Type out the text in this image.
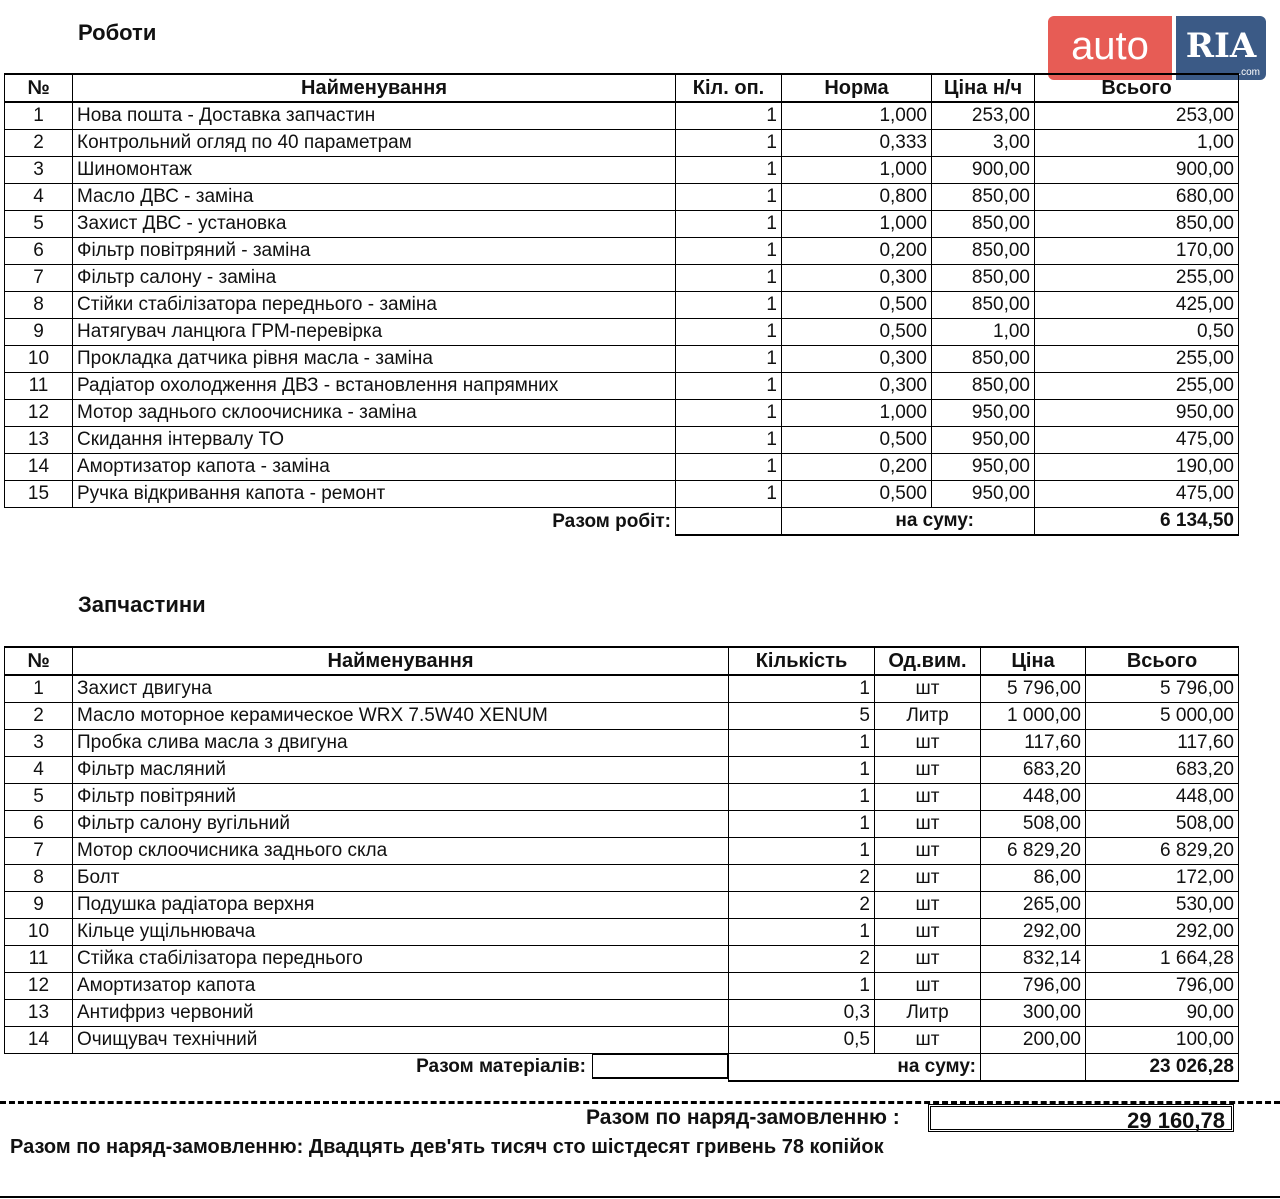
auto	RIA
.com
Роботи
№	Найменування	Кіл. оп.	Норма	Ціна н/ч	Всього
1	Нова пошта - Доставка запчастин	1	1,000	253,00	253,00
2	Контрольний огляд по 40 параметрам	1	0,333	3,00	1,00
3	Шиномонтаж	1	1,000	900,00	900,00
4	Масло ДВС - заміна	1	0,800	850,00	680,00
5	Захист ДВС - установка	1	1,000	850,00	850,00
6	Фільтр повітряний - заміна	1	0,200	850,00	170,00
7	Фільтр салону - заміна	1	0,300	850,00	255,00
8	Стійки стабілізатора переднього - заміна	1	0,500	850,00	425,00
9	Натягувач ланцюга ГРМ-перевірка	1	0,500	1,00	0,50
10	Прокладка датчика рівня масла - заміна	1	0,300	850,00	255,00
11	Радіатор охолодження ДВЗ - встановлення напрямних	1	0,300	850,00	255,00
12	Мотор заднього склоочисника - заміна	1	1,000	950,00	950,00
13	Скидання інтервалу ТО	1	0,500	950,00	475,00
14	Амортизатор капота - заміна	1	0,200	950,00	190,00
15	Ручка відкривання капота - ремонт	1	0,500	950,00	475,00
Разом робіт:			на суму:		6 134,50
Запчастини
№	Найменування	Кількість	Од.вим.	Ціна	Всього
1	Захист двигуна	1	шт	5 796,00	5 796,00
2	Масло моторное керамическое WRX 7.5W40 XENUM	5	Литр	1 000,00	5 000,00
3	Пробка слива масла з двигуна	1	шт	117,60	117,60
4	Фільтр масляний	1	шт	683,20	683,20
5	Фільтр повітряний	1	шт	448,00	448,00
6	Фільтр салону вугільний	1	шт	508,00	508,00
7	Мотор склоочисника заднього скла	1	шт	6 829,20	6 829,20
8	Болт	2	шт	86,00	172,00
9	Подушка радіатора верхня	2	шт	265,00	530,00
10	Кільце ущільнювача	1	шт	292,00	292,00
11	Стійка стабілізатора переднього	2	шт	832,14	1 664,28
12	Амортизатор капота	1	шт	796,00	796,00
13	Антифриз червоний	0,3	Литр	300,00	90,00
14	Очищувач технічний	0,5	шт	200,00	100,00

Разом матеріалів:		на суму:			23 026,28
Разом по наряд-замовленню :	29 160,78
Разом по наряд-замовленню: Двадцять дев'ять тисяч сто шістдесят гривень 78 копійок
